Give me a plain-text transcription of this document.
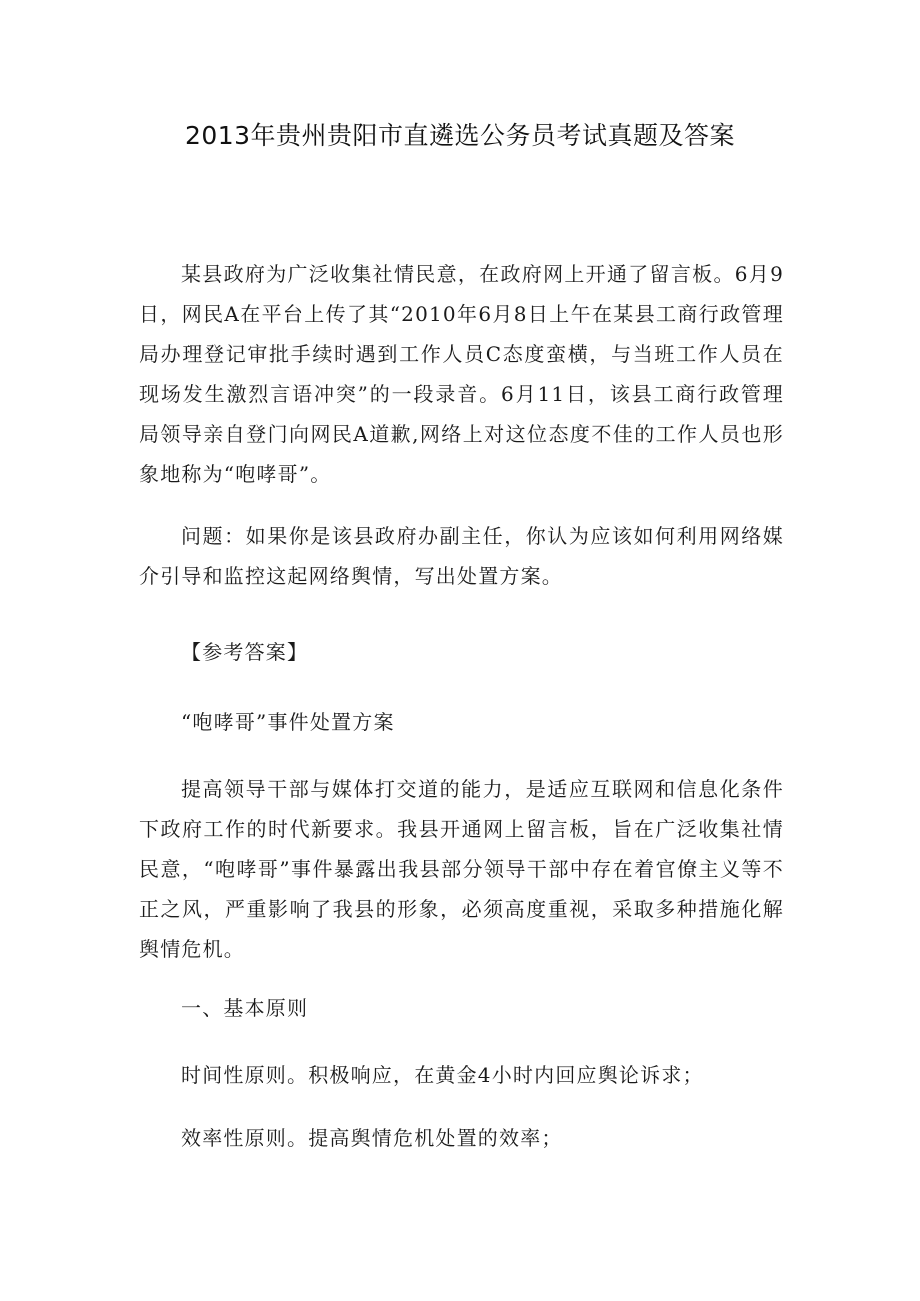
2013年贵州贵阳市直遴选公务员考试真题及答案

某县政府为广泛收集社情民意，在政府网上开通了留言板。6月9日，网民A在平台上传了其“2010年6月8日上午在某县工商行政管理局办理登记审批手续时遇到工作人员C态度蛮横，与当班工作人员在现场发生激烈言语冲突”的一段录音。6月11日，该县工商行政管理局领导亲自登门向网民A道歉,网络上对这位态度不佳的工作人员也形象地称为“咆哮哥”。

问题：如果你是该县政府办副主任，你认为应该如何利用网络媒介引导和监控这起网络舆情，写出处置方案。

【参考答案】

“咆哮哥”事件处置方案

提高领导干部与媒体打交道的能力，是适应互联网和信息化条件下政府工作的时代新要求。我县开通网上留言板，旨在广泛收集社情民意，“咆哮哥”事件暴露出我县部分领导干部中存在着官僚主义等不正之风，严重影响了我县的形象，必须高度重视，采取多种措施化解舆情危机。

一、基本原则

时间性原则。积极响应，在黄金4小时内回应舆论诉求；

效率性原则。提高舆情危机处置的效率；
